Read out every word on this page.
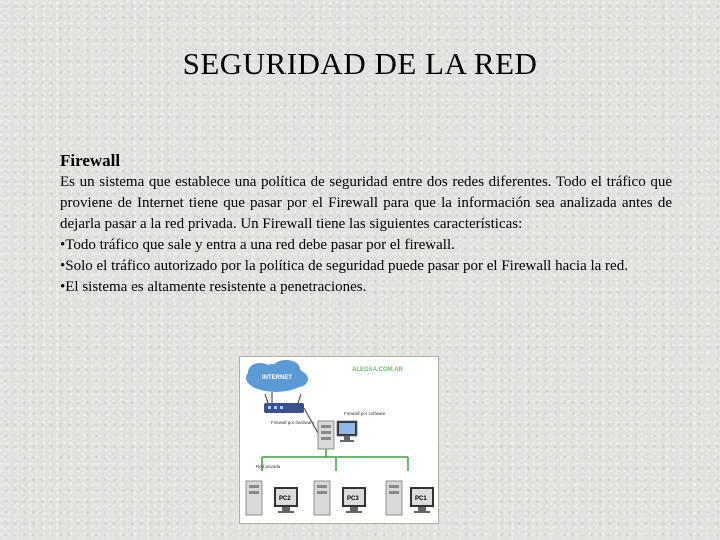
SEGURIDAD DE LA RED
Firewall

Es un sistema que establece una política de seguridad entre dos redes diferentes. Todo el tráfico que proviene de Internet tiene que pasar por el Firewall para que la información sea analizada antes de dejarla pasar a la red privada. Un Firewall tiene las siguientes características:

•Todo tráfico que sale y entra a una red debe pasar por el firewall.

•Solo el tráfico autorizado por la política de seguridad puede pasar por el Firewall hacia la red.

•El sistema es altamente resistente a penetraciones.

ALEGSA.COM.AR
INTERNET
Firewall por hardware
Firewall por software
Red privada
PC2	PC3	PC1
